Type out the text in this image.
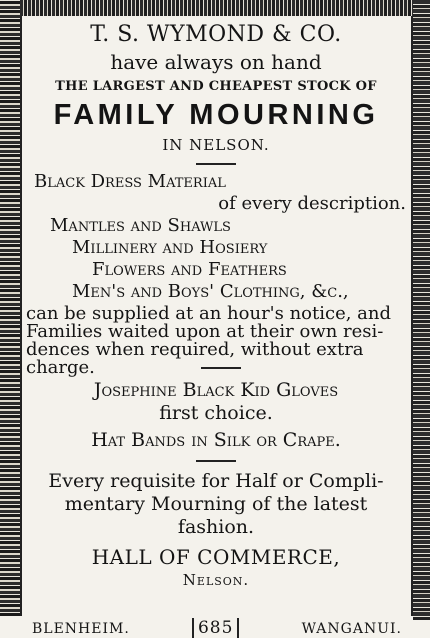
T. S. WYMOND & CO.
have always on hand
THE LARGEST AND CHEAPEST STOCK OF
FAMILY MOURNING
IN NELSON.
Black Dress Material
of every description.
Mantles and Shawls
Millinery and Hosiery
Flowers and Feathers
Men's and Boys' Clothing, &c.,
can be supplied at an hour's notice, and
Families waited upon at their own resi-
dences when required, without extra
charge.
Josephine Black Kid Gloves
first choice.
Hat Bands in Silk or Crape.
Every requisite for Half or Compli-
mentary Mourning of the latest
fashion.
HALL OF COMMERCE,
Nelson.
BLENHEIM.	685	WANGANUI.
